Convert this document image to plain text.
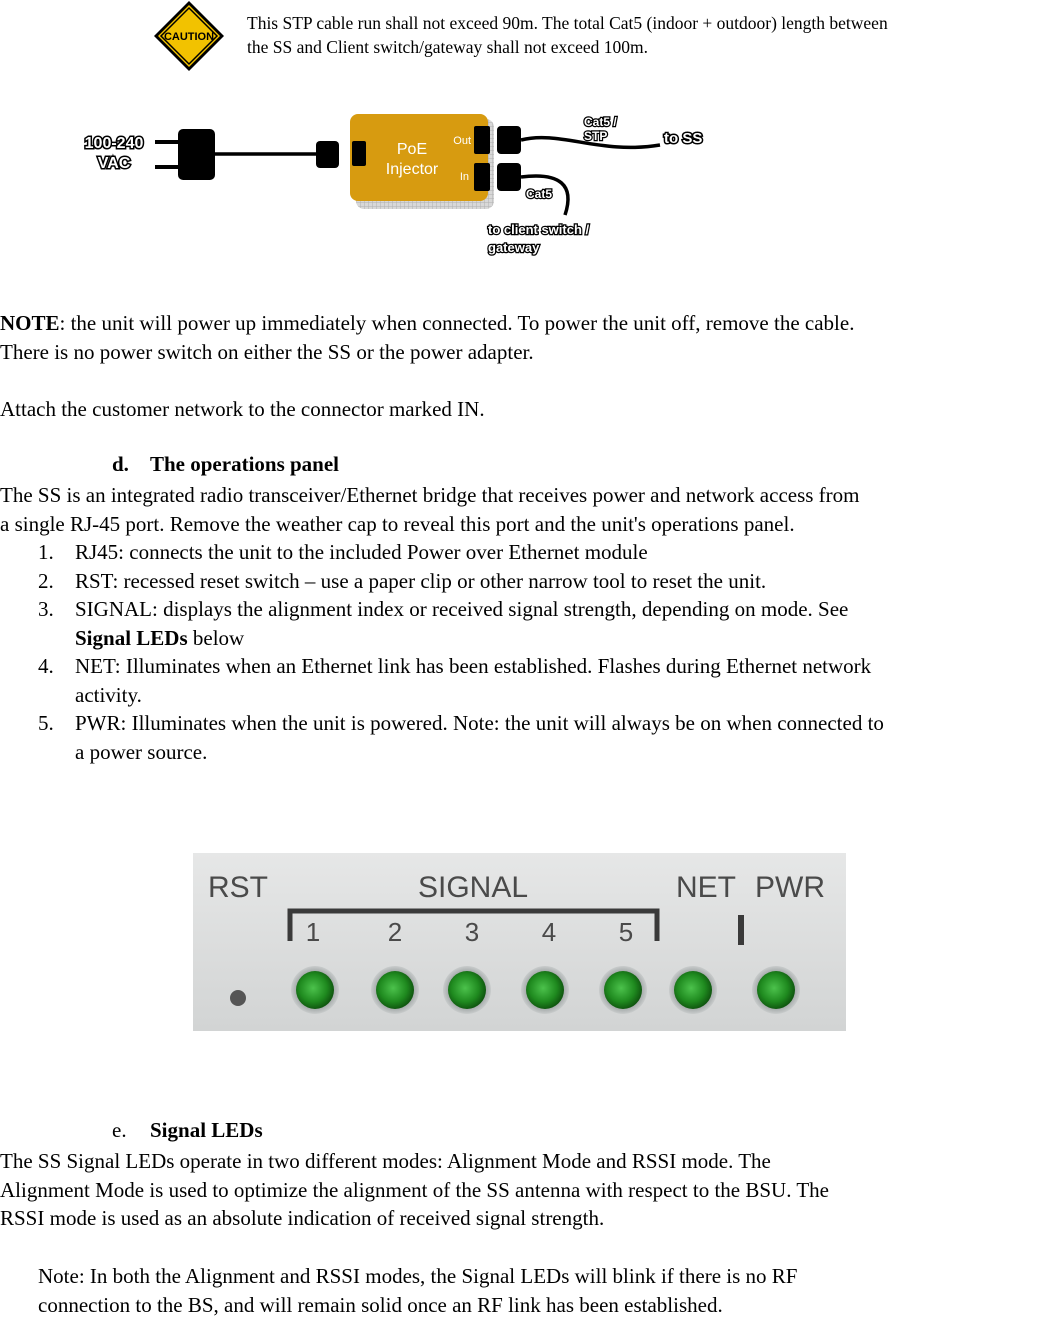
CAUTION
This STP cable run shall not exceed 90m. The total Cat5 (indoor + outdoor) length between
the SS and Client switch/gateway shall not exceed 100m.
100-240
VAC
PoE
Injector
Out
In
Cat5 /
STP	to SS
Cat5
to client switch /
gateway
NOTE: the unit will power up immediately when connected. To power the unit off, remove the cable.
There is no power switch on either the SS or the power adapter.
Attach the customer network to the connector marked IN.
d. The operations panel
The SS is an integrated radio transceiver/Ethernet bridge that receives power and network access from
a single RJ-45 port. Remove the weather cap to reveal this port and the unit's operations panel.
1. RJ45: connects the unit to the included Power over Ethernet module
2. RST: recessed reset switch – use a paper clip or other narrow tool to reset the unit.
3. SIGNAL: displays the alignment index or received signal strength, depending on mode. See
Signal LEDs below
4. NET: Illuminates when an Ethernet link has been established. Flashes during Ethernet network
activity.
5. PWR: Illuminates when the unit is powered. Note: the unit will always be on when connected to
a power source.
RST	SIGNAL	NET PWR
1	2 3 4 5
e. Signal LEDs
The SS Signal LEDs operate in two different modes: Alignment Mode and RSSI mode. The
Alignment Mode is used to optimize the alignment of the SS antenna with respect to the BSU. The
RSSI mode is used as an absolute indication of received signal strength.
Note: In both the Alignment and RSSI modes, the Signal LEDs will blink if there is no RF
connection to the BS, and will remain solid once an RF link has been established.
